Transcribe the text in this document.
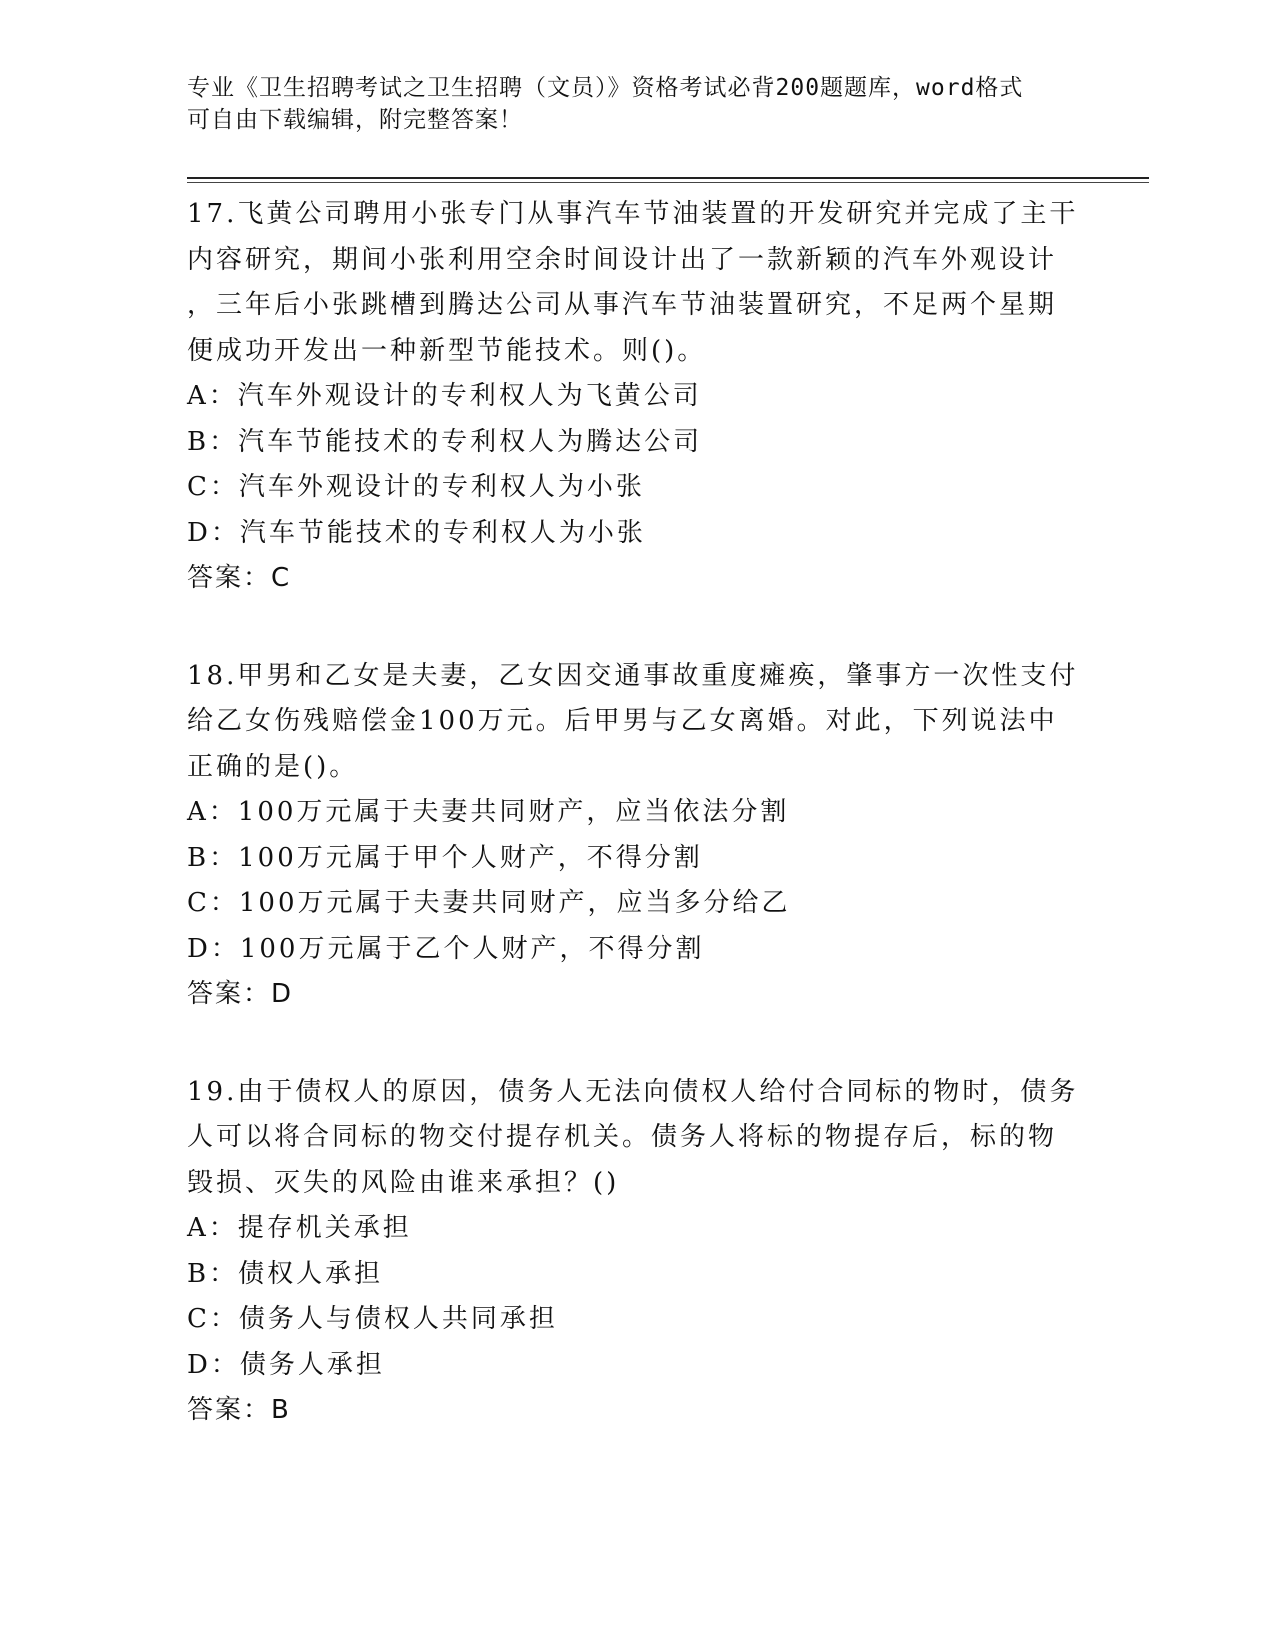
专业《卫生招聘考试之卫生招聘（文员）》资格考试必背200题题库，word格式
可自由下载编辑，附完整答案！
17.飞黄公司聘用小张专门从事汽车节油装置的开发研究并完成了主干
内容研究，期间小张利用空余时间设计出了一款新颖的汽车外观设计
，三年后小张跳槽到腾达公司从事汽车节油装置研究，不足两个星期
便成功开发出一种新型节能技术。则()。
A：汽车外观设计的专利权人为飞黄公司
B：汽车节能技术的专利权人为腾达公司
C：汽车外观设计的专利权人为小张
D：汽车节能技术的专利权人为小张
答案：C
18.甲男和乙女是夫妻，乙女因交通事故重度瘫痪，肇事方一次性支付
给乙女伤残赔偿金100万元。后甲男与乙女离婚。对此，下列说法中
正确的是()。
A：100万元属于夫妻共同财产，应当依法分割
B：100万元属于甲个人财产，不得分割
C：100万元属于夫妻共同财产，应当多分给乙
D：100万元属于乙个人财产，不得分割
答案：D
19.由于债权人的原因，债务人无法向债权人给付合同标的物时，债务
人可以将合同标的物交付提存机关。债务人将标的物提存后，标的物
毁损、灭失的风险由谁来承担？()
A：提存机关承担
B：债权人承担
C：债务人与债权人共同承担
D：债务人承担
答案：B
